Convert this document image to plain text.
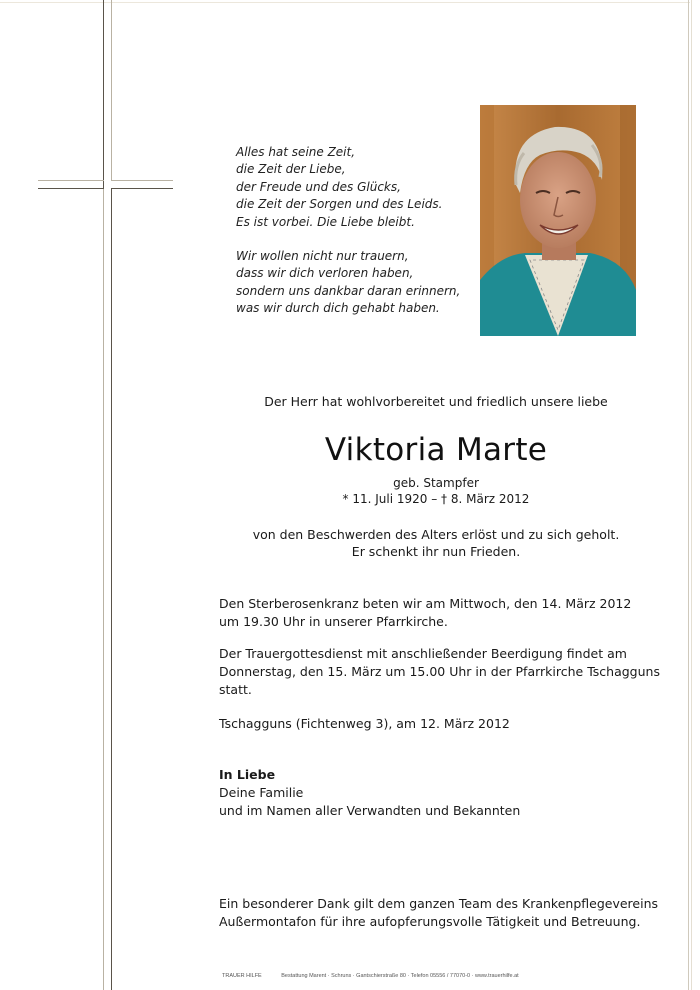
Alles hat seine Zeit,

die Zeit der Liebe,

der Freude und des Glücks,

die Zeit der Sorgen und des Leids.

Es ist vorbei. Die Liebe bleibt.

Wir wollen nicht nur trauern,

dass wir dich verloren haben,

sondern uns dankbar daran erinnern,

was wir durch dich gehabt haben.

Der Herr hat wohlvorbereitet und friedlich unsere liebe
Viktoria Marte
geb. Stampfer
* 11. Juli 1920 – † 8. März 2012

von den Beschwerden des Alters erlöst und zu sich geholt.

Er schenkt ihr nun Frieden.

Den Sterberosenkranz beten wir am Mittwoch, den 14. März 2012

um 19.30 Uhr in unserer Pfarrkirche.

Der Trauergottesdienst mit anschließender Beerdigung findet am

Donnerstag, den 15. März um 15.00 Uhr in der Pfarrkirche Tschagguns statt.

Tschagguns (Fichtenweg 3), am 12. März 2012

In Liebe

Deine Familie

und im Namen aller Verwandten und Bekannten

Ein besonderer Dank gilt dem ganzen Team des Krankenpflegevereins

Außermontafon für ihre aufopferungsvolle Tätigkeit und Betreuung.

TRAUER HILFE	Bestattung Marent · Schruns · Gantschierstraße 80 · Telefon 05556 / 77070-0 · www.trauerhilfe.at
